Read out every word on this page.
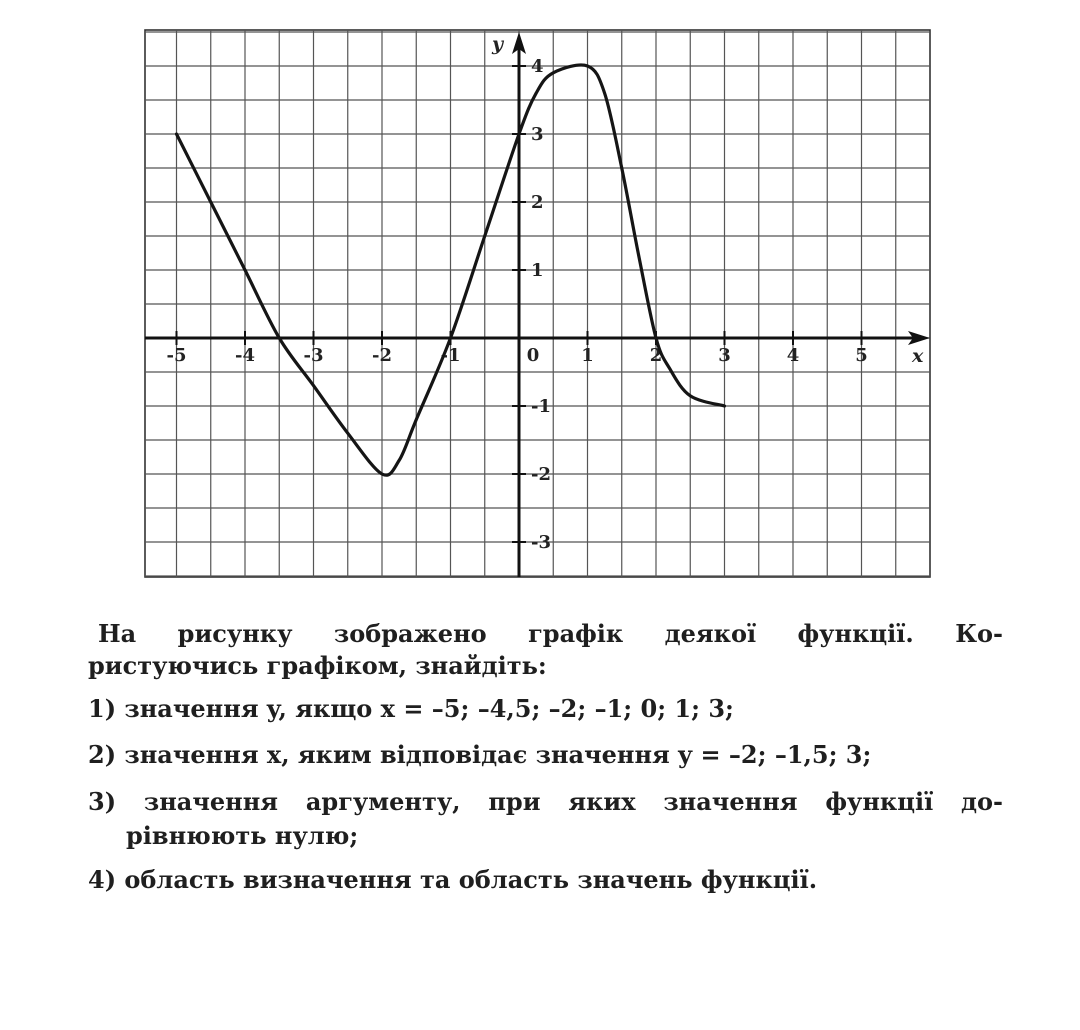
x
y
-5	-4	-3	-2	-1	0 1	2	3	4	5
-3
-2
-1
1
2
3
4
На рисунку зображено графік деякої функції. Ко-
ристуючись графіком, знайдіть:
1) значення y, якщо x = –5; –4,5; –2; –1; 0; 1; 3;
2) значення x, яким відповідає значення y = –2; –1,5; 3;
3) значення аргументу, при яких значення функції до-
рівнюють нулю;
4) область визначення та область значень функції.
